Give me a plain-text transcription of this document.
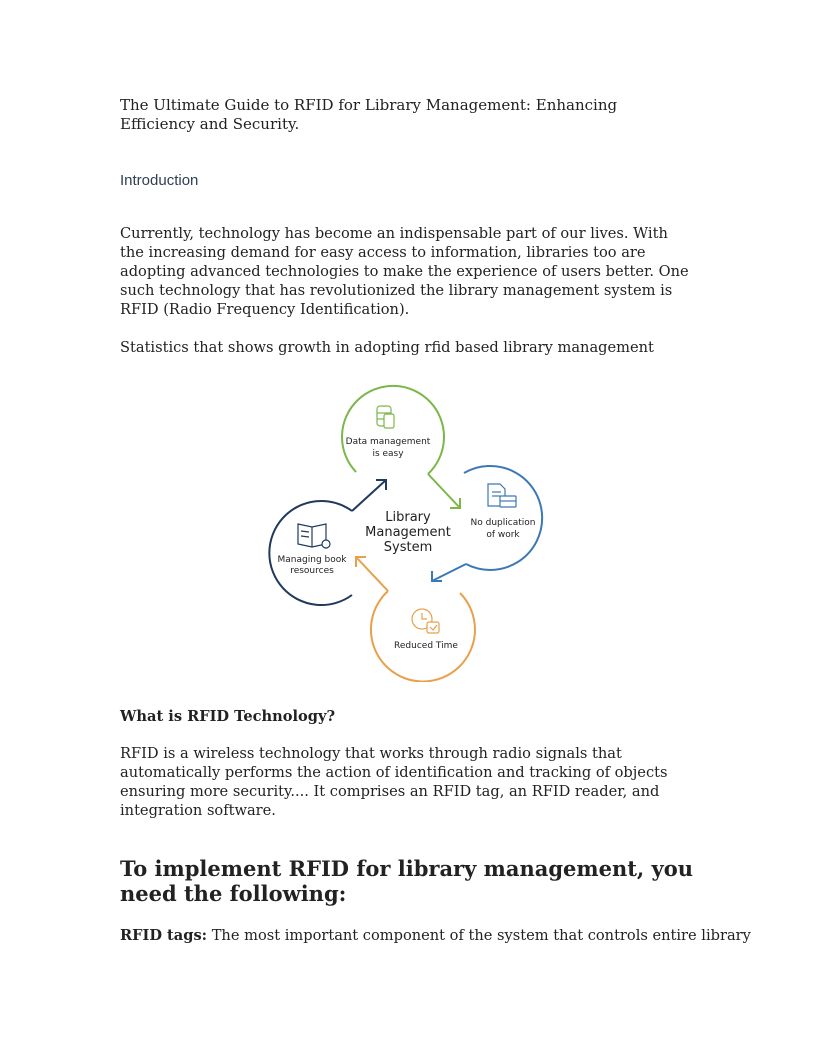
The Ultimate Guide to RFID for Library Management: Enhancing Efficiency and Security.

Introduction

Currently, technology has become an indispensable part of our lives. With the increasing demand for easy access to information, libraries too are adopting advanced technologies to make the experience of users better. One such technology that has revolutionized the library management system is RFID (Radio Frequency Identification).

Statistics that shows growth in adopting rfid based library management

What is RFID Technology?

RFID is a wireless technology that works through radio signals that automatically performs the action of identification and tracking of objects ensuring more security.... It comprises an RFID tag, an RFID reader, and integration software.

To implement RFID for library management, you need the following:

RFID tags: The most important component of the system that controls entire library

Data management
is easy
No duplication
of work
Reduced Time
Managing book
resources
Library
Management
System
